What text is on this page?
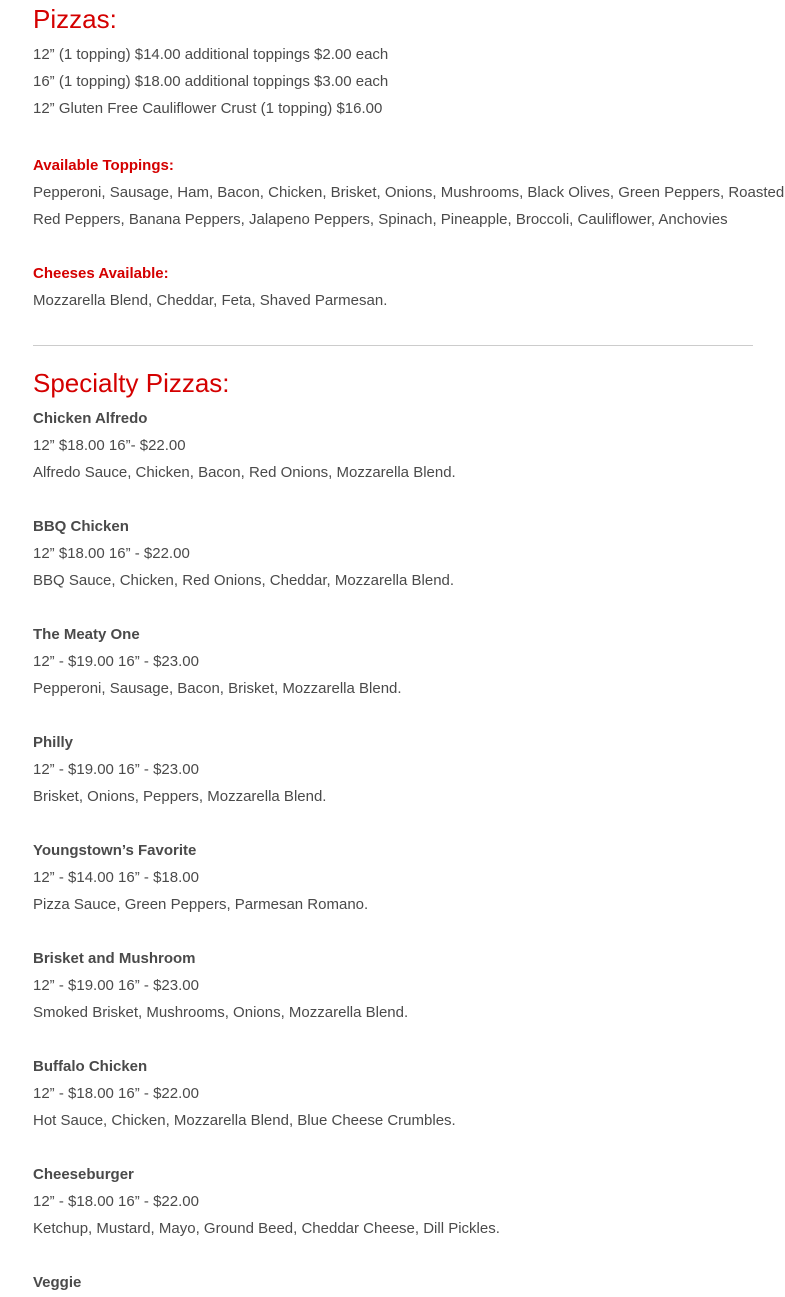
Pizzas:

12” (1 topping) $14.00 additional toppings $2.00 each

16” (1 topping) $18.00 additional toppings $3.00 each

12” Gluten Free Cauliflower Crust (1 topping) $16.00

Available Toppings:

Pepperoni, Sausage, Ham, Bacon, Chicken, Brisket, Onions, Mushrooms, Black Olives, Green Peppers, Roasted

Red Peppers, Banana Peppers, Jalapeno Peppers, Spinach, Pineapple, Broccoli, Cauliflower, Anchovies

Cheeses Available:

Mozzarella Blend, Cheddar, Feta, Shaved Parmesan.

Specialty Pizzas:

Chicken Alfredo

12” $18.00 16”- $22.00

Alfredo Sauce, Chicken, Bacon, Red Onions, Mozzarella Blend.

BBQ Chicken

12” $18.00 16” - $22.00

BBQ Sauce, Chicken, Red Onions, Cheddar, Mozzarella Blend.

The Meaty One

12” - $19.00 16” - $23.00

Pepperoni, Sausage, Bacon, Brisket, Mozzarella Blend.

Philly

12” - $19.00 16” - $23.00

Brisket, Onions, Peppers, Mozzarella Blend.

Youngstown’s Favorite

12” - $14.00 16” - $18.00

Pizza Sauce, Green Peppers, Parmesan Romano.

Brisket and Mushroom

12” - $19.00 16” - $23.00

Smoked Brisket, Mushrooms, Onions, Mozzarella Blend.

Buffalo Chicken

12” - $18.00 16” - $22.00

Hot Sauce, Chicken, Mozzarella Blend, Blue Cheese Crumbles.

Cheeseburger

12” - $18.00 16” - $22.00

Ketchup, Mustard, Mayo, Ground Beed, Cheddar Cheese, Dill Pickles.

Veggie
